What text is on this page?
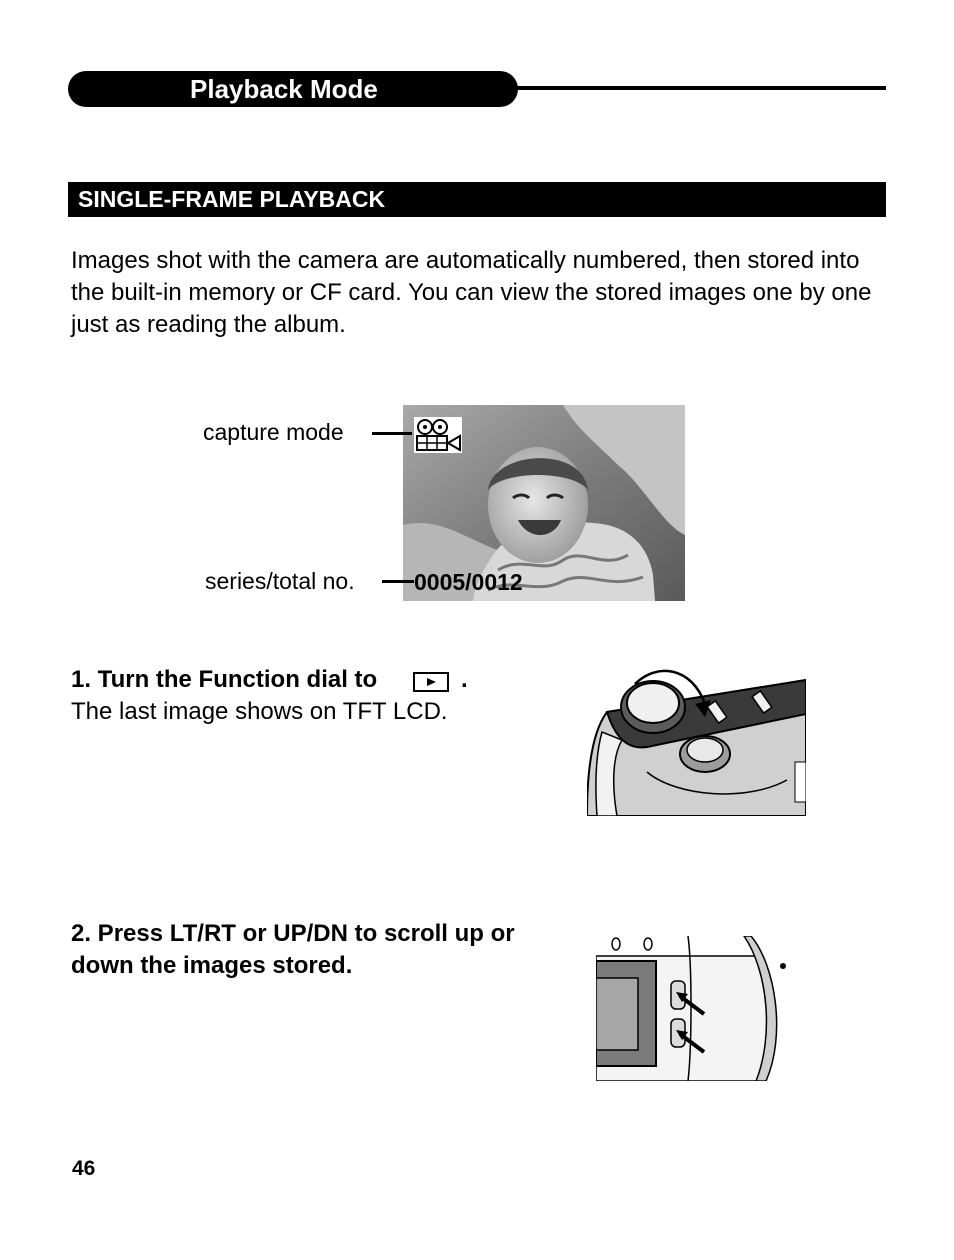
Playback Mode
SINGLE-FRAME PLAYBACK

Images shot with the camera are automatically numbered, then stored into the built-in memory or CF card. You can view the stored images one by one just as reading the album.

capture mode
series/total no.	0005/0012
1. Turn the Function dial to	.
The last image shows on TFT LCD.

2. Press LT/RT or UP/DN to scroll up or down the images stored.

46
